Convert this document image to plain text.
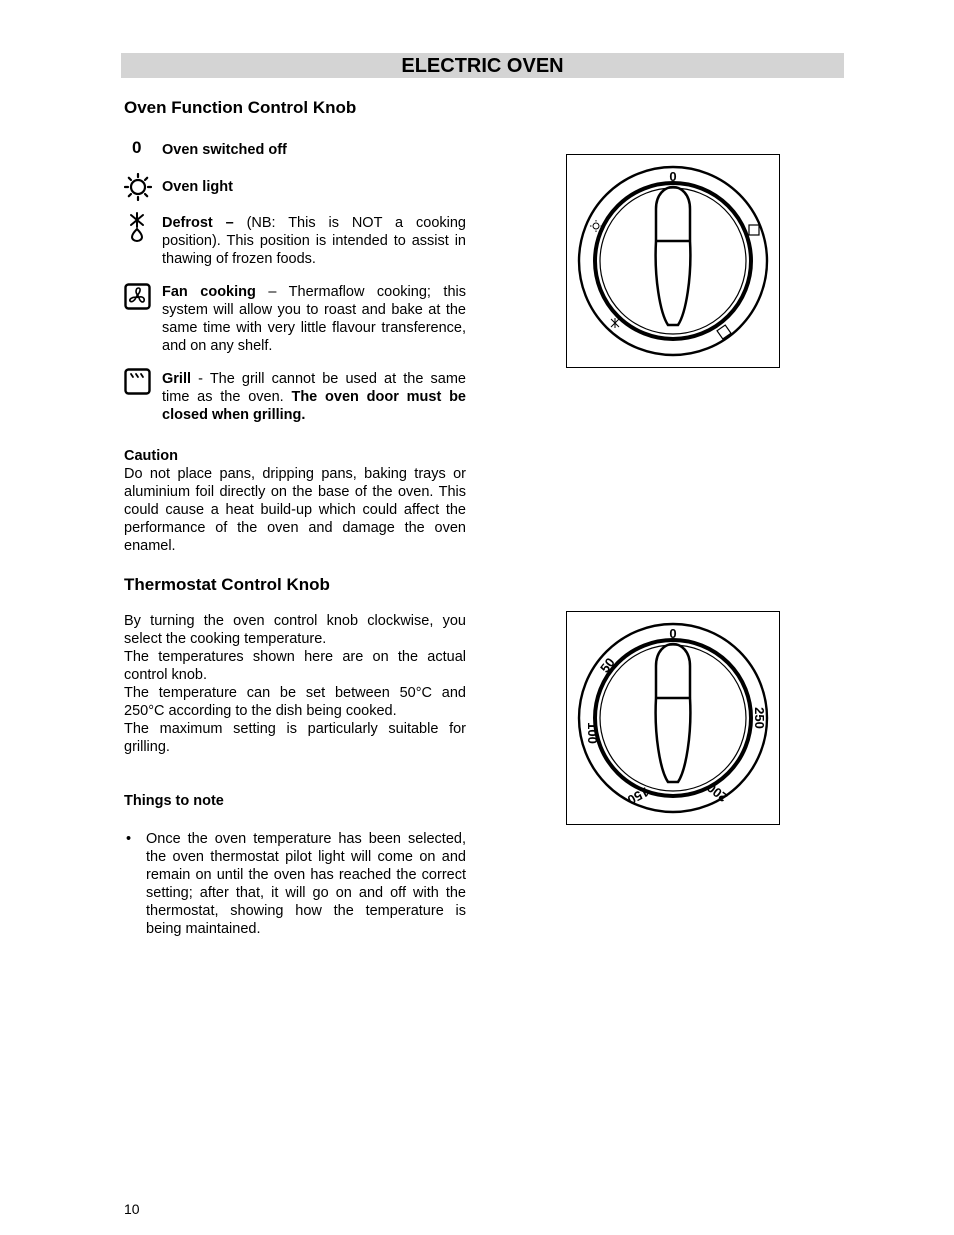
ELECTRIC OVEN
Oven Function Control Knob
0	Oven switched off
Oven light
Defrost – (NB: This is NOT a cooking position). This position is intended to assist in thawing of frozen foods.
Fan cooking – Thermaflow cooking; this system will allow you to roast and bake at the same time with very little flavour transference, and on any shelf.
Grill - The grill cannot be used at the same time as the oven. The oven door must be closed when grilling.
Caution
Do not place pans, dripping pans, baking trays or aluminium foil directly on the base of the oven. This could cause a heat build-up which could affect the performance of the oven and damage the oven enamel.
0
Thermostat Control Knob
By turning the oven control knob clockwise, you select the cooking temperature.
The temperatures shown here are on the actual control knob.
The temperature can be set between 50°C and 250°C according to the dish being cooked.
The maximum setting is particularly suitable for grilling.
Things to note
• Once the oven temperature has been selected, the oven thermostat pilot light will come on and remain on until the oven has reached the correct setting; after that, it will go on and off with the thermostat, showing how the temperature is being maintained.
0
50
100
150	200
250
10
